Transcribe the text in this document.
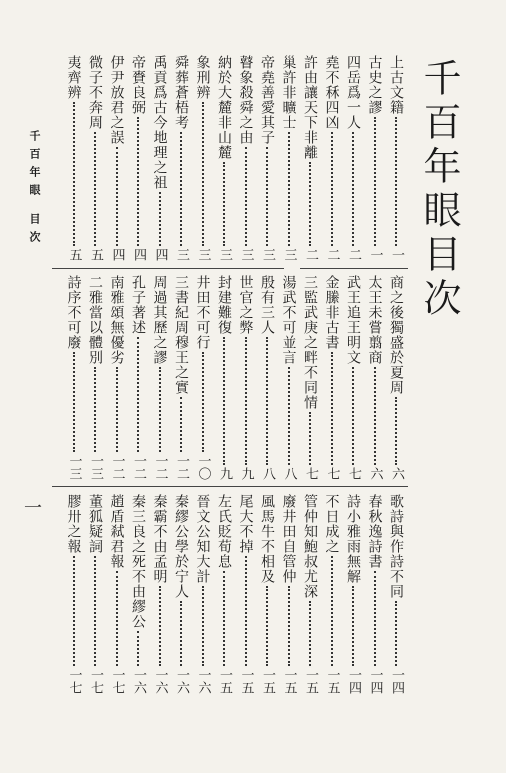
千百年眼目次
千百年眼 目次
一
上古文籍
一
古史之謬
一
四岳爲一人
二
堯不秝四凶
二
許由讓天下非離
二
巢許非曠士
三
帝堯善愛其子
三
瞽象殺舜之由
三
納於大麓非山麓
三
象刑辨
三
舜葬蒼梧考
三
禹貢爲古今地理之祖
四
帝賚良弼
四
伊尹放君之誤
四
微子不奔周
五
夷齊辨
五
商之後獨盛於夏周
六
太王未嘗翦商
六
武王追王明文
七
金縢非古書
七
三監武庚之畔不同情
七
湯武不可並言
八
殷有三人
八
世官之弊
九
封建難復
九
井田不可行
一〇
三書紀周穆王之實
一二
周過其歷之謬
一二
孔子著述
一二
南雅頌無優劣
一二
二雅當以體別
一三
詩序不可廢
一三
歌詩與作詩不同
一四
春秋逸詩書
一四
詩小雅雨無解
一四
不日成之
一五
管仲知鮑叔尤深
一五
廢井田自管仲
一五
風馬牛不相及
一五
尾大不掉
一五
左氏貶荀息
一五
晉文公知大計
一六
秦繆公學於宁人
一六
秦霸不由孟明
一六
秦三良之死不由繆公
一六
趙盾弒君報
一七
董狐疑詞
一七
膠卅之報
一七
